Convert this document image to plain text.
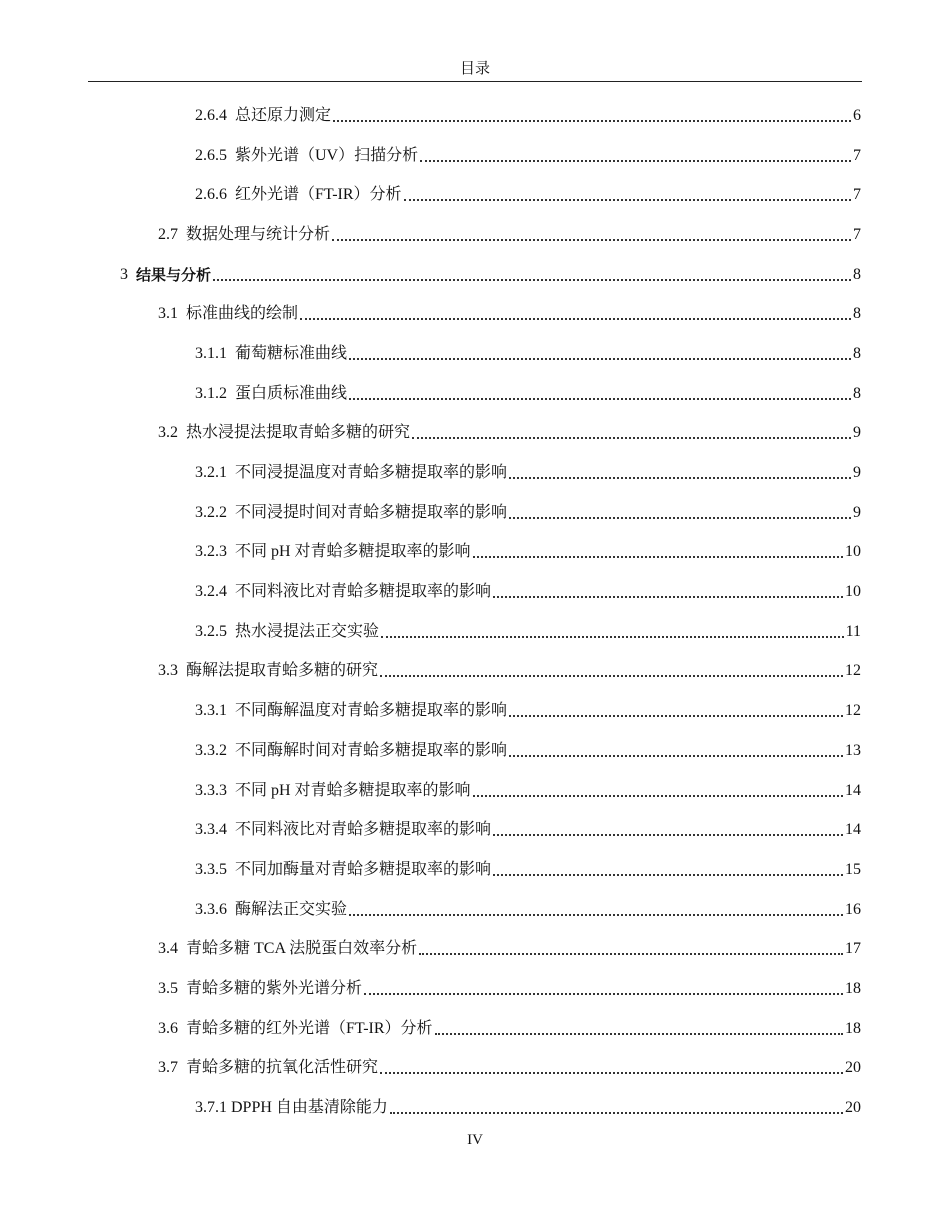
目录
2.6.4 总还原力测定	6
2.6.5 紫外光谱（UV）扫描分析	7
2.6.6 红外光谱（FT-IR）分析	7
2.7 数据处理与统计分析	7
3 结果与分析	8
3.1 标准曲线的绘制	8
3.1.1 葡萄糖标准曲线	8
3.1.2 蛋白质标准曲线	8
3.2 热水浸提法提取青蛤多糖的研究	9
3.2.1 不同浸提温度对青蛤多糖提取率的影响	9
3.2.2 不同浸提时间对青蛤多糖提取率的影响	9
3.2.3 不同 pH 对青蛤多糖提取率的影响	10
3.2.4 不同料液比对青蛤多糖提取率的影响	10
3.2.5 热水浸提法正交实验	11
3.3 酶解法提取青蛤多糖的研究	12
3.3.1 不同酶解温度对青蛤多糖提取率的影响	12
3.3.2 不同酶解时间对青蛤多糖提取率的影响	13
3.3.3 不同 pH 对青蛤多糖提取率的影响	14
3.3.4 不同料液比对青蛤多糖提取率的影响	14
3.3.5 不同加酶量对青蛤多糖提取率的影响	15
3.3.6 酶解法正交实验	16
3.4 青蛤多糖 TCA 法脱蛋白效率分析	17
3.5 青蛤多糖的紫外光谱分析	18
3.6 青蛤多糖的红外光谱（FT-IR）分析	18
3.7 青蛤多糖的抗氧化活性研究	20
3.7.1 DPPH 自由基清除能力	20
IV
